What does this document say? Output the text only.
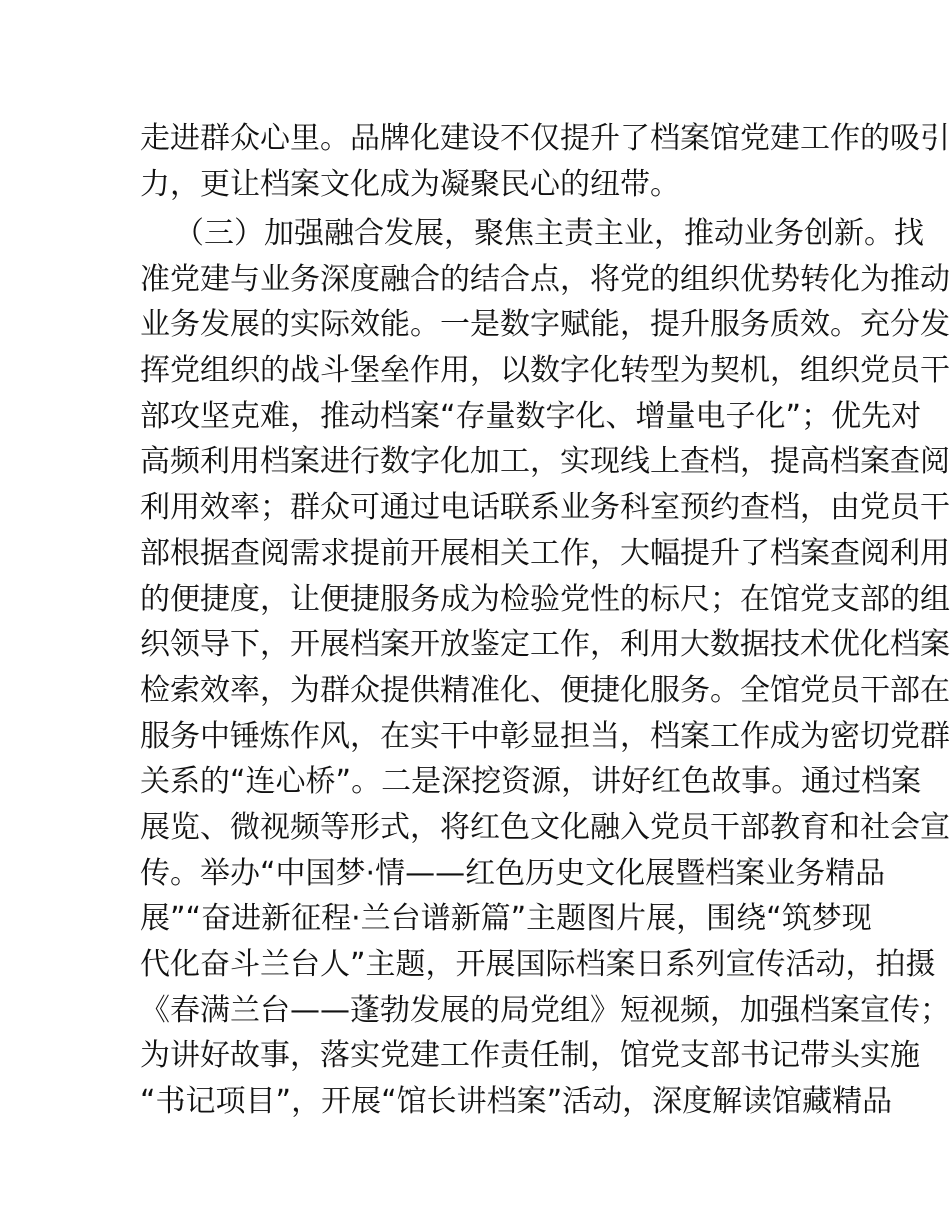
走进群众心里。品牌化建设不仅提升了档案馆党建工作的吸引
力，更让档案文化成为凝聚民心的纽带。
（三）加强融合发展，聚焦主责主业，推动业务创新。找
准党建与业务深度融合的结合点，将党的组织优势转化为推动
业务发展的实际效能。一是数字赋能，提升服务质效。充分发
挥党组织的战斗堡垒作用，以数字化转型为契机，组织党员干
部攻坚克难，推动档案“存量数字化、增量电子化”；优先对
高频利用档案进行数字化加工，实现线上查档，提高档案查阅
利用效率；群众可通过电话联系业务科室预约查档，由党员干
部根据查阅需求提前开展相关工作，大幅提升了档案查阅利用
的便捷度，让便捷服务成为检验党性的标尺；在馆党支部的组
织领导下，开展档案开放鉴定工作，利用大数据技术优化档案
检索效率，为群众提供精准化、便捷化服务。全馆党员干部在
服务中锤炼作风，在实干中彰显担当，档案工作成为密切党群
关系的“连心桥”。二是深挖资源，讲好红色故事。通过档案
展览、微视频等形式，将红色文化融入党员干部教育和社会宣
传。举办“中国梦·情——红色历史文化展暨档案业务精品
展”“奋进新征程·兰台谱新篇”主题图片展，围绕“筑梦现
代化奋斗兰台人”主题，开展国际档案日系列宣传活动，拍摄
《春满兰台——蓬勃发展的局党组》短视频，加强档案宣传；
为讲好故事，落实党建工作责任制，馆党支部书记带头实施
“书记项目”，开展“馆长讲档案”活动，深度解读馆藏精品
